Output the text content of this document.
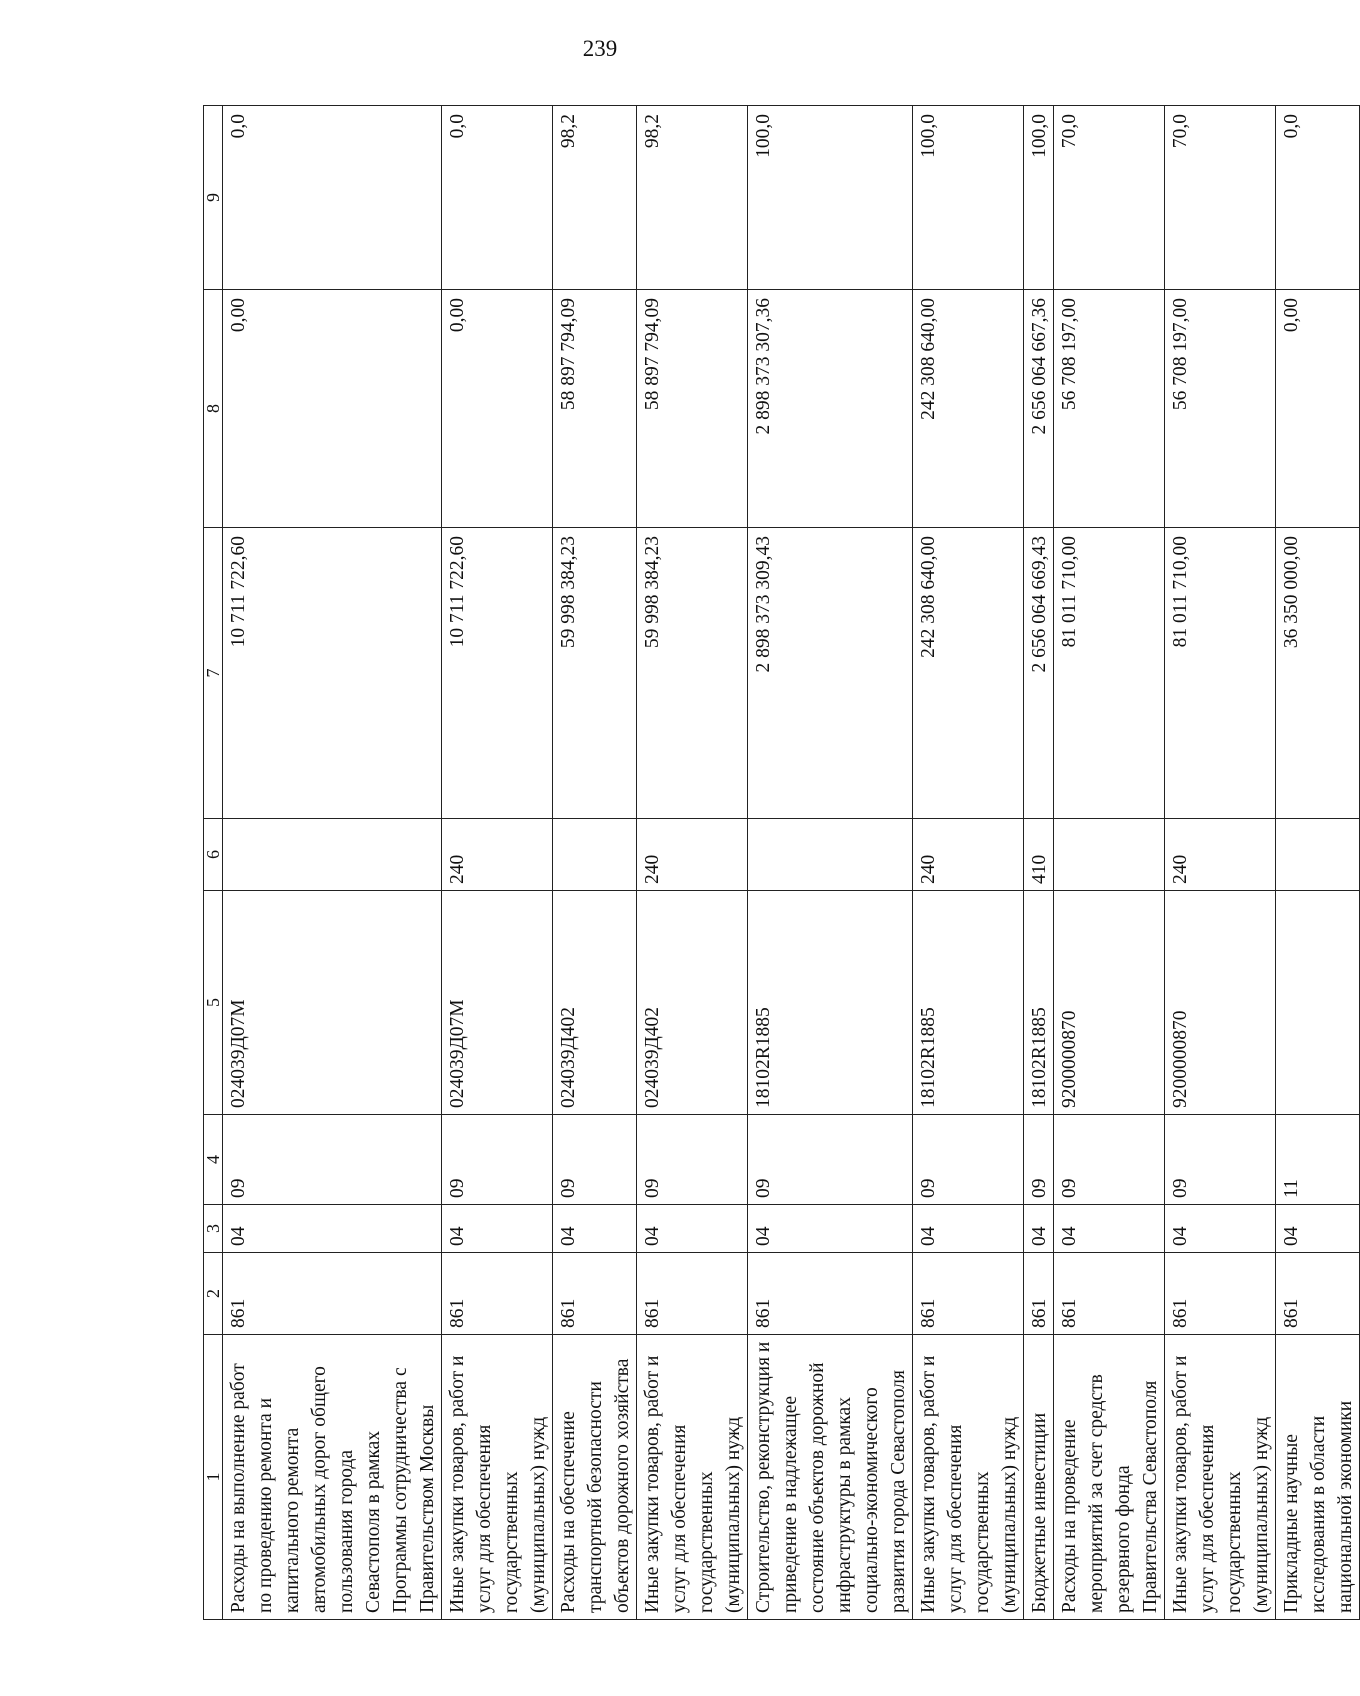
239
1	2	3	4	5	6	7	8	9
Расходы на выполнение работ по проведению ремонта и капитального ремонта автомобильных дорог общего пользования города Севастополя в рамках Программы сотрудничества с Правительством Москвы	861	04	09	024039Д07М		10 711 722,60	0,00	0,0
Иные закупки товаров, работ и услуг для обеспечения государственных (муниципальных) нужд	861	04	09	024039Д07М	240	10 711 722,60	0,00	0,0
Расходы на обеспечение транспортной безопасности объектов дорожного хозяйства	861	04	09	024039Д402		59 998 384,23	58 897 794,09	98,2
Иные закупки товаров, работ и услуг для обеспечения государственных (муниципальных) нужд	861	04	09	024039Д402	240	59 998 384,23	58 897 794,09	98,2
Строительство, реконструкция и приведение в надлежащее состояние объектов дорожной инфраструктуры в рамках социально-экономического развития города Севастополя	861	04	09	18102R1885		2 898 373 309,43	2 898 373 307,36	100,0
Иные закупки товаров, работ и услуг для обеспечения государственных (муниципальных) нужд	861	04	09	18102R1885	240	242 308 640,00	242 308 640,00	100,0
Бюджетные инвестиции	861	04	09	18102R1885	410	2 656 064 669,43	2 656 064 667,36	100,0
Расходы на проведение мероприятий за счет средств резервного фонда Правительства Севастополя	861	04	09	9200000870		81 011 710,00	56 708 197,00	70,0
Иные закупки товаров, работ и услуг для обеспечения государственных (муниципальных) нужд	861	04	09	9200000870	240	81 011 710,00	56 708 197,00	70,0
Прикладные научные исследования в области национальной экономики	861	04	11			36 350 000,00	0,00	0,0
